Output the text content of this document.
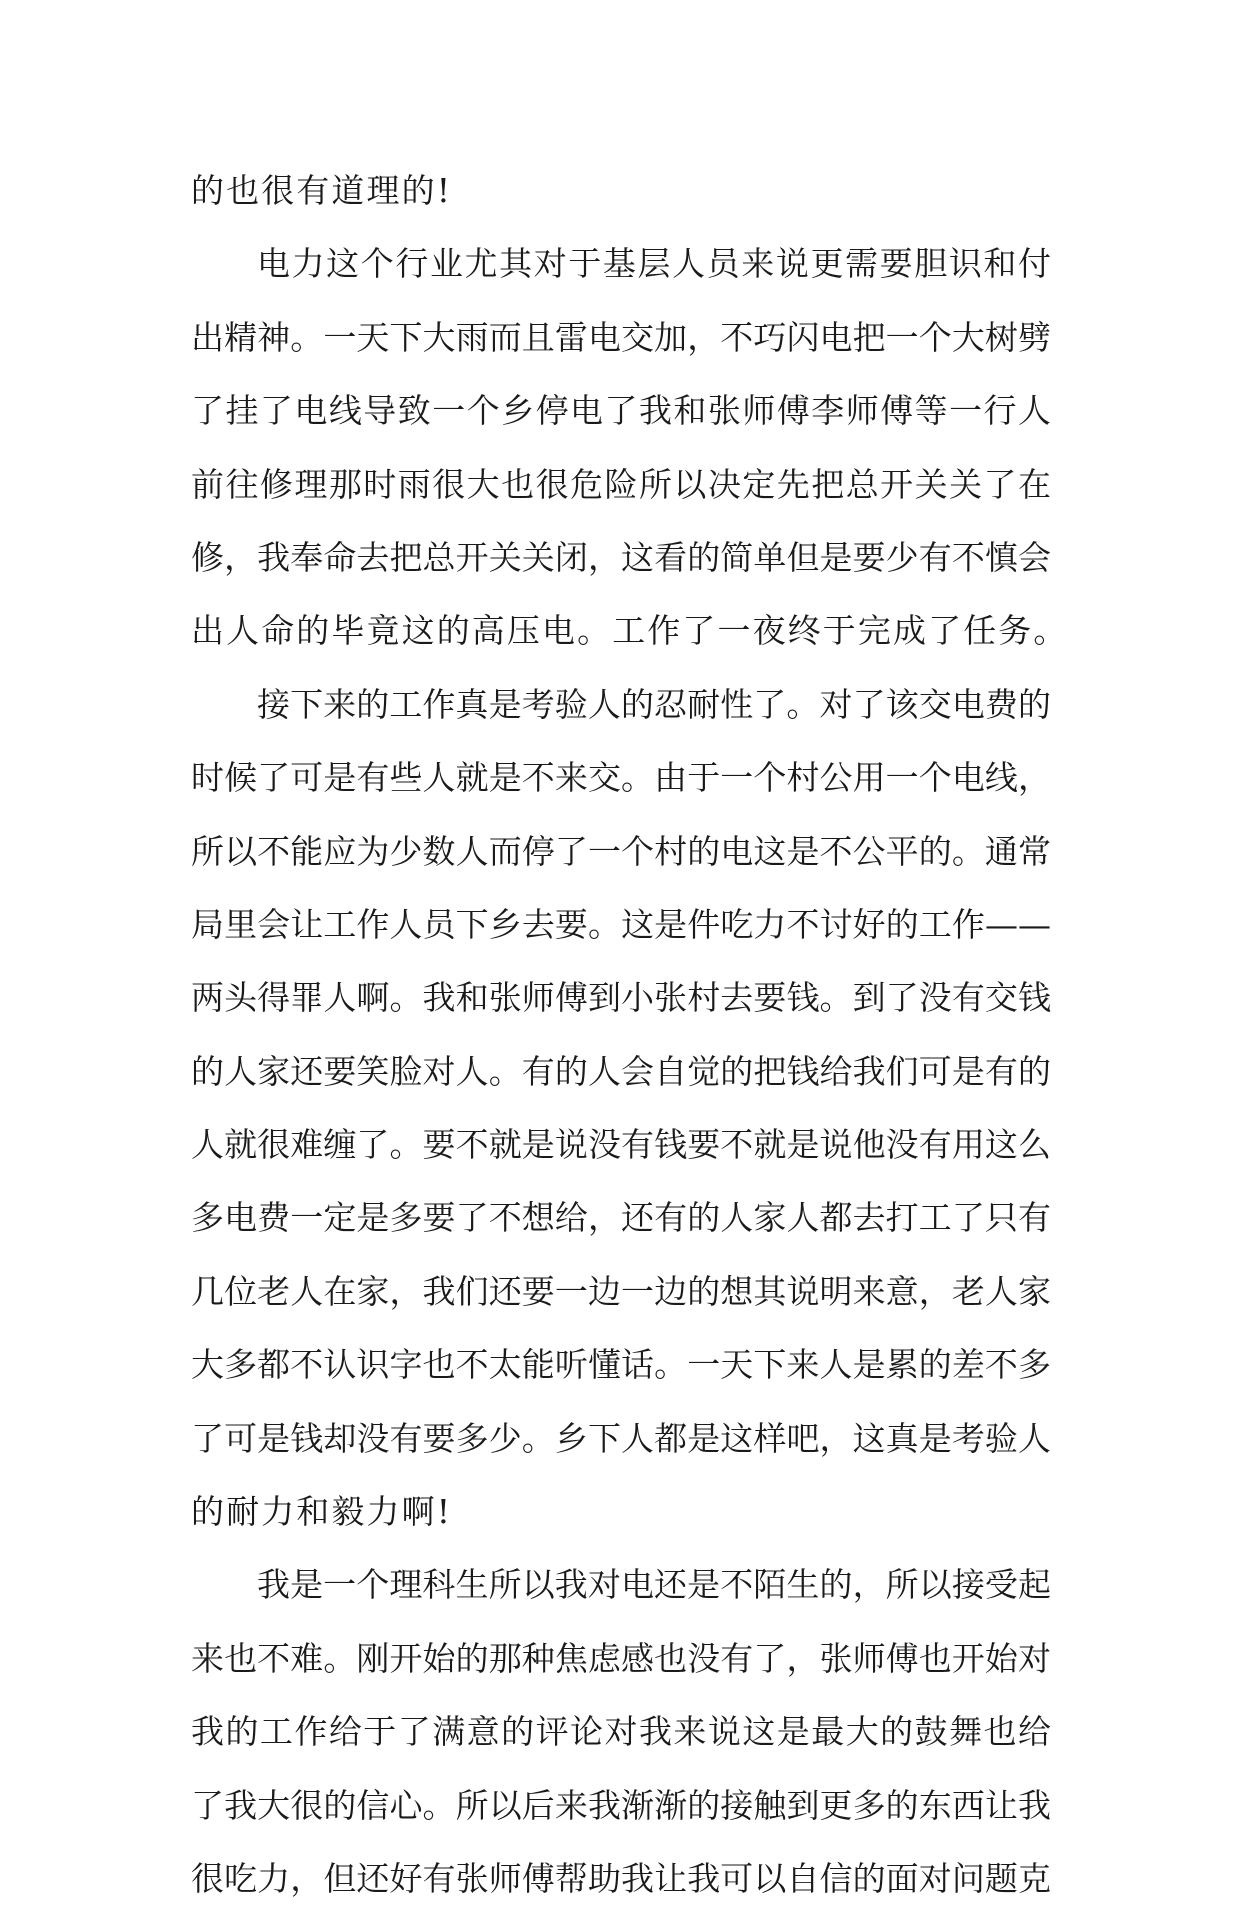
的也很有道理的!
电力这个行业尤其对于基层人员来说更需要胆识和付
出精神。一天下大雨而且雷电交加，不巧闪电把一个大树劈
了挂了电线导致一个乡停电了我和张师傅李师傅等一行人
前往修理那时雨很大也很危险所以决定先把总开关关了在
修，我奉命去把总开关关闭，这看的简单但是要少有不慎会
出人命的毕竟这的高压电。工作了一夜终于完成了任务。
接下来的工作真是考验人的忍耐性了。对了该交电费的
时候了可是有些人就是不来交。由于一个村公用一个电线，
所以不能应为少数人而停了一个村的电这是不公平的。通常
局里会让工作人员下乡去要。这是件吃力不讨好的工作——
两头得罪人啊。我和张师傅到小张村去要钱。到了没有交钱
的人家还要笑脸对人。有的人会自觉的把钱给我们可是有的
人就很难缠了。要不就是说没有钱要不就是说他没有用这么
多电费一定是多要了不想给，还有的人家人都去打工了只有
几位老人在家，我们还要一边一边的想其说明来意，老人家
大多都不认识字也不太能听懂话。一天下来人是累的差不多
了可是钱却没有要多少。乡下人都是这样吧，这真是考验人
的耐力和毅力啊!
我是一个理科生所以我对电还是不陌生的，所以接受起
来也不难。刚开始的那种焦虑感也没有了，张师傅也开始对
我的工作给于了满意的评论对我来说这是最大的鼓舞也给
了我大很的信心。所以后来我渐渐的接触到更多的东西让我
很吃力，但还好有张师傅帮助我让我可以自信的面对问题克
